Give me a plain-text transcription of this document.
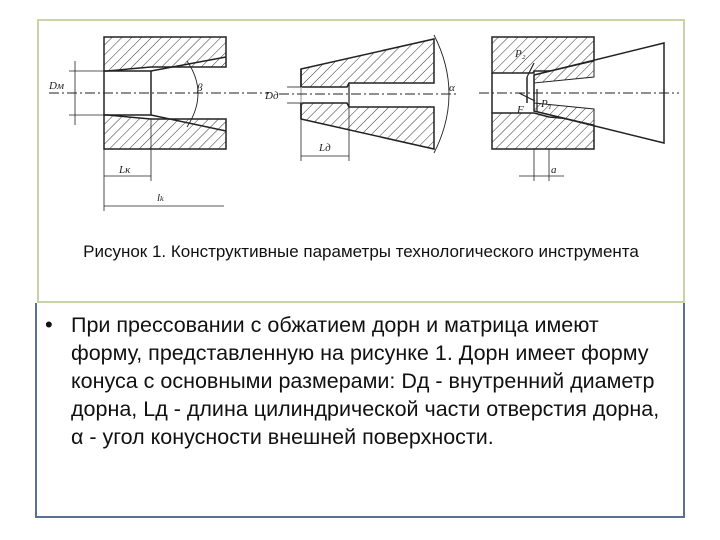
Dм	β
Lк
lₖ
Dд
Lд
α
P₂
P₁
F
a
Рисунок 1. Конструктивные параметры технологического инструмента
• При прессовании с обжатием дорн и матрица имеют форму, представленную на рисунке 1. Дорн имеет форму конуса с основными размерами: Dд - внутренний диаметр дорна, Lд - длина цилиндрической части отверстия дорна, α - угол конусности внешней поверхности.
